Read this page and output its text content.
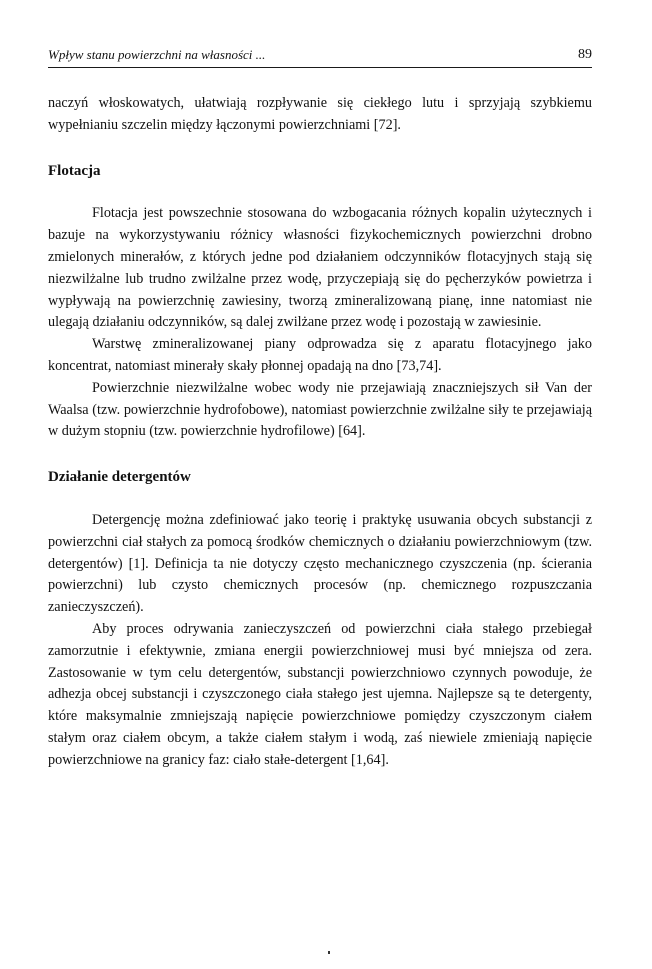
Wpływ stanu powierzchni na własności ...	89

naczyń włoskowatych, ułatwiają rozpływanie się ciekłego lutu i sprzyjają szybkiemu wypełnianiu szczelin między łączonymi powierzchniami [72].

Flotacja

Flotacja jest powszechnie stosowana do wzbogacania różnych kopalin użytecznych i bazuje na wykorzystywaniu różnicy własności fizykochemicznych powierzchni drobno zmielonych minerałów, z których jedne pod działaniem odczynników flotacyjnych stają się niezwilżalne lub trudno zwilżalne przez wodę, przyczepiają się do pęcherzyków powietrza i wypływają na powierzchnię zawiesiny, tworzą zmineralizowaną pianę, inne natomiast nie ulegają działaniu odczynników, są dalej zwilżane przez wodę i pozostają w zawiesinie.

Warstwę zmineralizowanej piany odprowadza się z aparatu flotacyjnego jako koncentrat, natomiast minerały skały płonnej opadają na dno [73,74].

Powierzchnie niezwilżalne wobec wody nie przejawiają znaczniejszych sił Van der Waalsa (tzw. powierzchnie hydrofobowe), natomiast powierzchnie zwilżalne siły te przejawiają w dużym stopniu (tzw. powierzchnie hydrofilowe) [64].

Działanie detergentów

Detergencję można zdefiniować jako teorię i praktykę usuwania obcych substancji z powierzchni ciał stałych za pomocą środków chemicznych o działaniu powierzchniowym (tzw. detergentów) [1]. Definicja ta nie dotyczy często mechanicznego czyszczenia (np. ścierania powierzchni) lub czysto chemicznych procesów (np. chemicznego rozpuszczania zanieczyszczeń).

Aby proces odrywania zanieczyszczeń od powierzchni ciała stałego przebiegał zamorzutnie i efektywnie, zmiana energii powierzchniowej musi być mniejsza od zera. Zastosowanie w tym celu detergentów, substancji powierzchniowo czynnych powoduje, że adhezja obcej substancji i czyszczonego ciała stałego jest ujemna. Najlepsze są te detergenty, które maksymalnie zmniejszają napięcie powierzchniowe pomiędzy czyszczonym ciałem stałym oraz ciałem obcym, a także ciałem stałym i wodą, zaś niewiele zmieniają napięcie powierzchniowe na granicy faz: ciało stałe-detergent [1,64].
